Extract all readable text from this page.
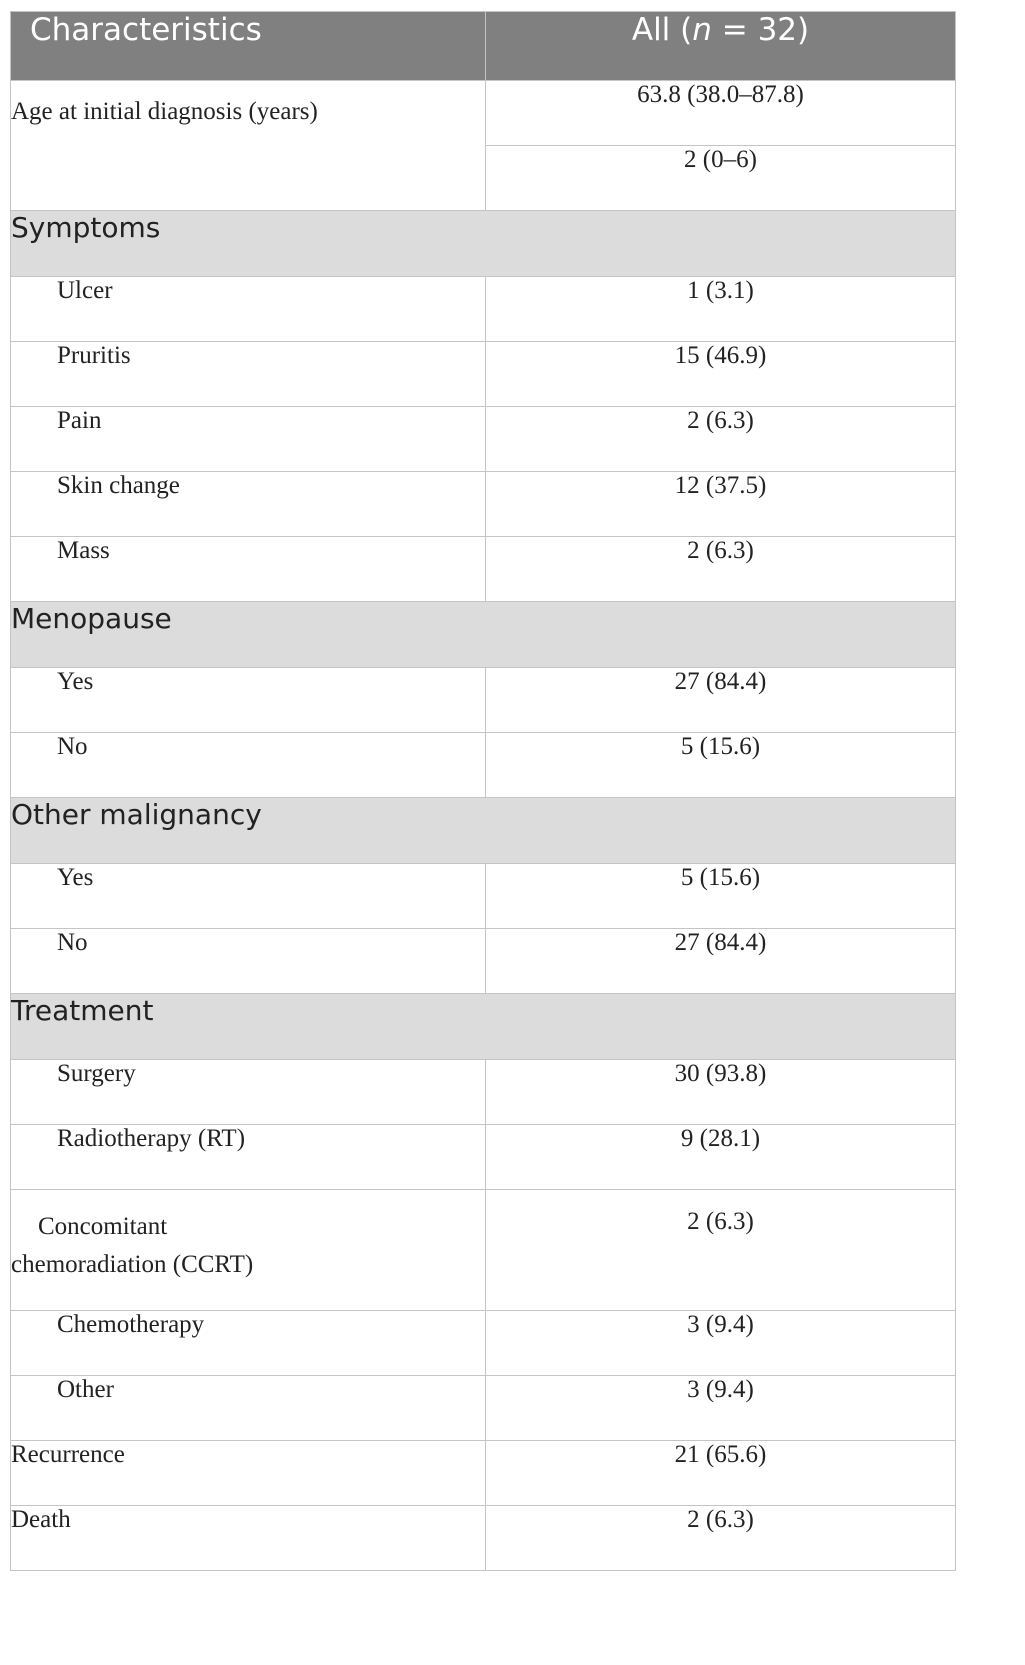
Characteristics	All (n = 32)
Age at initial diagnosis (years)	63.8 (38.0–87.8)
	2 (0–6)
Symptoms	
Ulcer	1 (3.1)
Pruritis	15 (46.9)
Pain	2 (6.3)
Skin change	12 (37.5)
Mass	2 (6.3)
Menopause	
Yes	27 (84.4)
No	5 (15.6)
Other malignancy	
Yes	5 (15.6)
No	27 (84.4)
Treatment	
Surgery	30 (93.8)
Radiotherapy (RT)	9 (28.1)

Concomitant
chemoradiation (CCRT)	2 (6.3)
Chemotherapy	3 (9.4)
Other	3 (9.4)
Recurrence	21 (65.6)
Death	2 (6.3)
